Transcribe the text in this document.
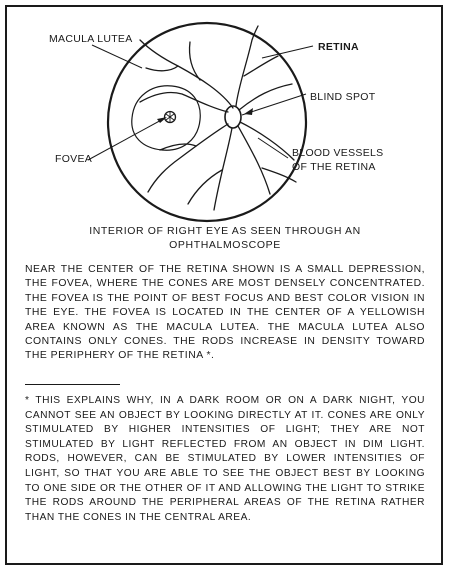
MACULA LUTEA
RETINA
BLIND SPOT
FOVEA	BLOOD VESSELS
OF THE RETINA
INTERIOR OF RIGHT EYE AS SEEN THROUGH AN
OPHTHALMOSCOPE
NEAR THE CENTER OF THE RETINA SHOWN IS A SMALL DEPRESSION, THE FOVEA, WHERE THE CONES ARE MOST DENSELY CONCENTRATED. THE FOVEA IS THE POINT OF BEST FOCUS AND BEST COLOR VISION IN THE EYE. THE FOVEA IS LOCATED IN THE CENTER OF A YELLOWISH AREA KNOWN AS THE MACULA LUTEA. THE MACULA LUTEA ALSO CONTAINS ONLY CONES. THE RODS INCREASE IN DENSITY TOWARD THE PERIPHERY OF THE RETINA *.
* THIS EXPLAINS WHY, IN A DARK ROOM OR ON A DARK NIGHT, YOU CANNOT SEE AN OBJECT BY LOOKING DIRECTLY AT IT. CONES ARE ONLY STIMULATED BY HIGHER INTENSITIES OF LIGHT; THEY ARE NOT STIMULATED BY LIGHT REFLECTED FROM AN OBJECT IN DIM LIGHT. RODS, HOWEVER, CAN BE STIMULATED BY LOWER INTENSITIES OF LIGHT, SO THAT YOU ARE ABLE TO SEE THE OBJECT BEST BY LOOKING TO ONE SIDE OR THE OTHER OF IT AND ALLOWING THE LIGHT TO STRIKE THE RODS AROUND THE PERIPHERAL AREAS OF THE RETINA RATHER THAN THE CONES IN THE CENTRAL AREA.
